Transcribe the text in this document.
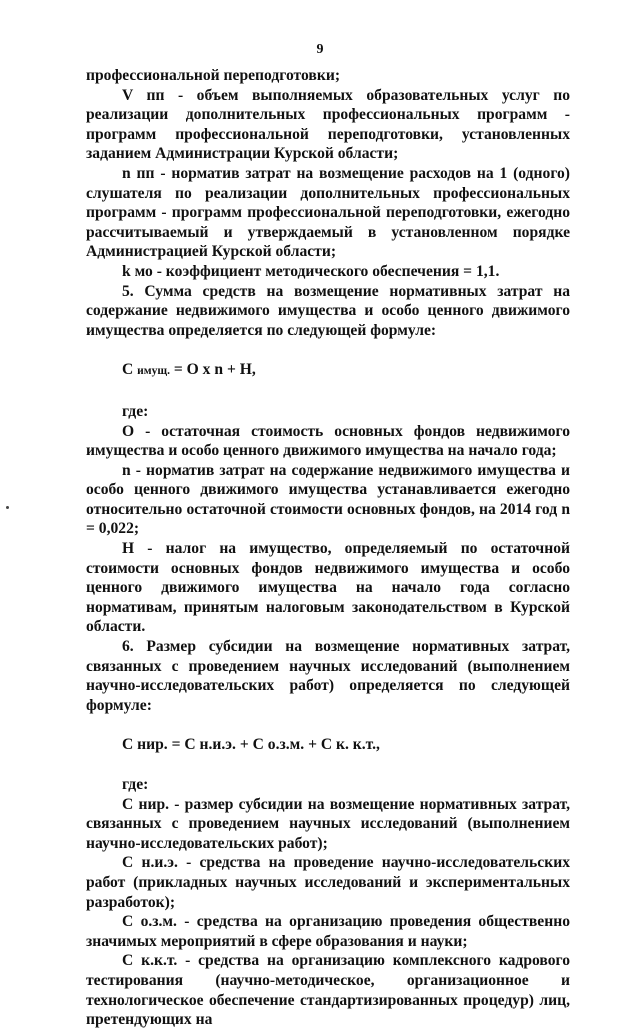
9

профессиональной переподготовки;

V пп - объем выполняемых образовательных услуг по реализации дополнительных профессиональных программ - программ профессиональной переподготовки, установленных заданием Администрации Курской области;

n пп - норматив затрат на возмещение расходов на 1 (одного) слушателя по реализации дополнительных профессиональных программ - программ профессиональной переподготовки, ежегодно рассчитываемый и утверждаемый в установленном порядке Администрацией Курской области;

k мо - коэффициент методического обеспечения = 1,1.

5. Сумма средств на возмещение нормативных затрат на содержание недвижимого имущества и особо ценного движимого имущества определяется по следующей формуле:

С имущ. = О х n + Н,

где:

О - остаточная стоимость основных фондов недвижимого имущества и особо ценного движимого имущества на начало года;

n - норматив затрат на содержание недвижимого имущества и особо ценного движимого имущества устанавливается ежегодно относительно остаточной стоимости основных фондов, на 2014 год n = 0,022;

Н - налог на имущество, определяемый по остаточной стоимости основных фондов недвижимого имущества и особо ценного движимого имущества на начало года согласно нормативам, принятым налоговым законодательством в Курской области.

6. Размер субсидии на возмещение нормативных затрат, связанных с проведением научных исследований (выполнением научно-исследовательских работ) определяется по следующей формуле:

С нир. = С н.и.э. + С о.з.м. + С к. к.т.,

где:

С нир. - размер субсидии на возмещение нормативных затрат, связанных с проведением научных исследований (выполнением научно-исследовательских работ);

С н.и.э. - средства на проведение научно-исследовательских работ (прикладных научных исследований и экспериментальных разработок);

С о.з.м. - средства на организацию проведения общественно значимых мероприятий в сфере образования и науки;

С к.к.т. - средства на организацию комплексного кадрового тестирования (научно-методическое, организационное и технологическое обеспечение стандартизированных процедур) лиц, претендующих на
